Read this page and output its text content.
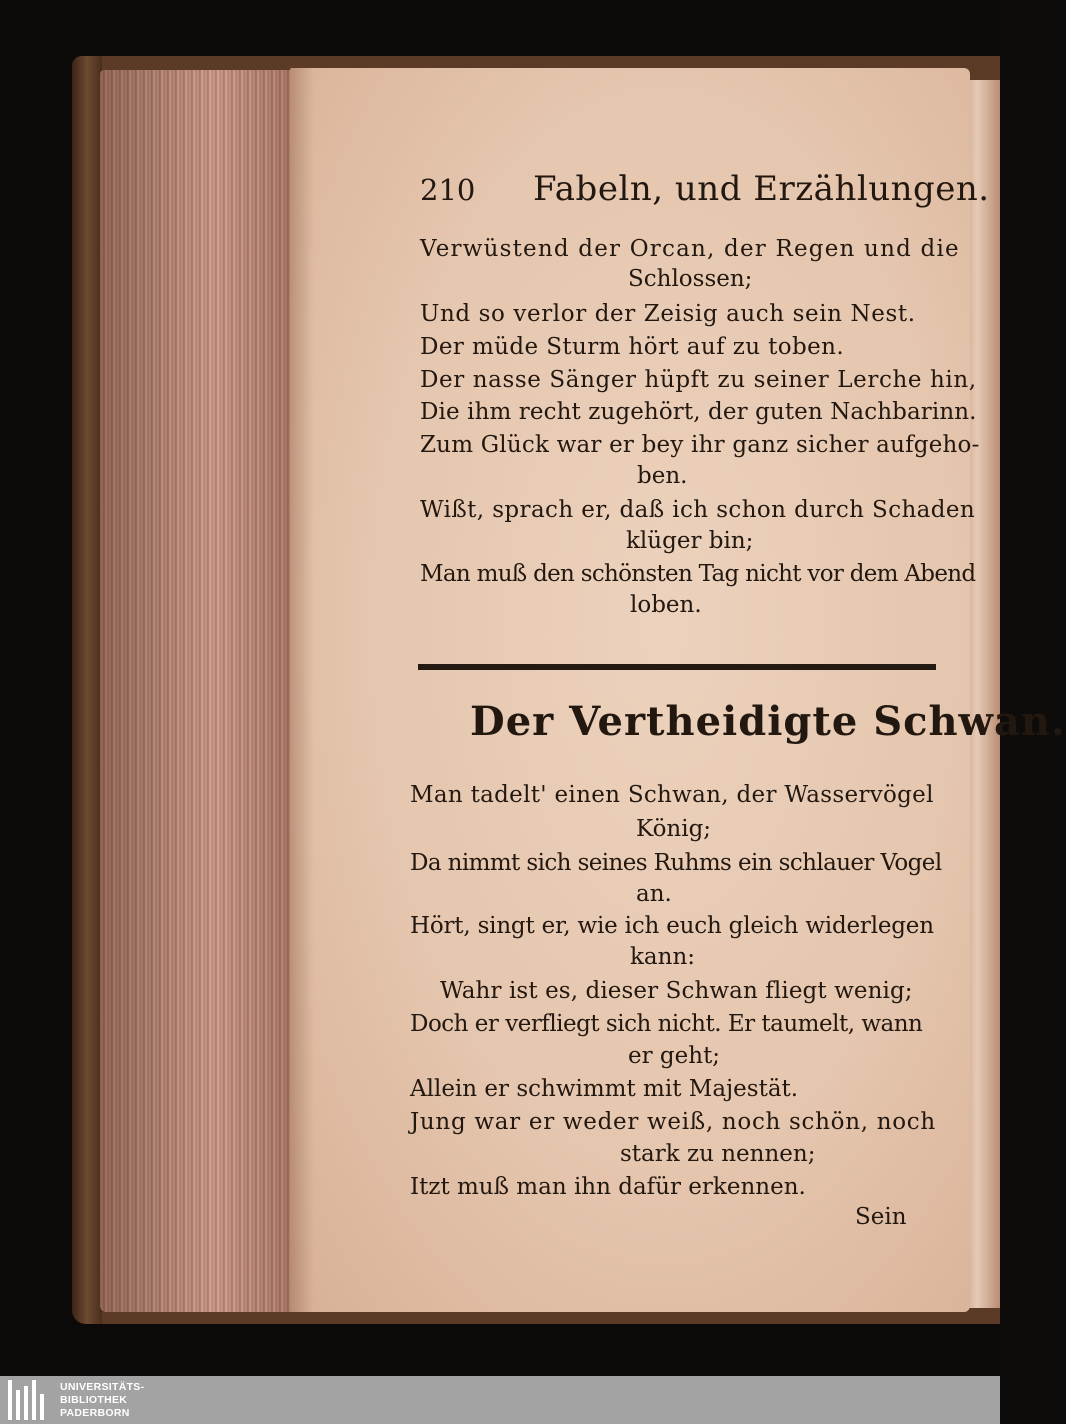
210 Fabeln, und Erzählungen.
Verwüstend der Orcan, der Regen und die
Schlossen;
Und so verlor der Zeisig auch sein Nest.
Der müde Sturm hört auf zu toben.
Der nasse Sänger hüpft zu seiner Lerche hin,
Die ihm recht zugehört, der guten Nachbarinn.
Zum Glück war er bey ihr ganz sicher aufgeho-
ben.
Wißt, sprach er, daß ich schon durch Schaden
klüger bin;
Man muß den schönsten Tag nicht vor dem Abend
loben.
Der Vertheidigte Schwan.
Man tadelt' einen Schwan, der Wasservögel
König;
Da nimmt sich seines Ruhms ein schlauer Vogel
an.
Hört, singt er, wie ich euch gleich widerlegen
kann:
Wahr ist es, dieser Schwan fliegt wenig;
Doch er verfliegt sich nicht. Er taumelt, wann
er geht;
Allein er schwimmt mit Majestät.
Jung war er weder weiß, noch schön, noch
stark zu nennen;
Itzt muß man ihn dafür erkennen.
Sein
UNIVERSITÄTS-
BIBLIOTHEK
PADERBORN
